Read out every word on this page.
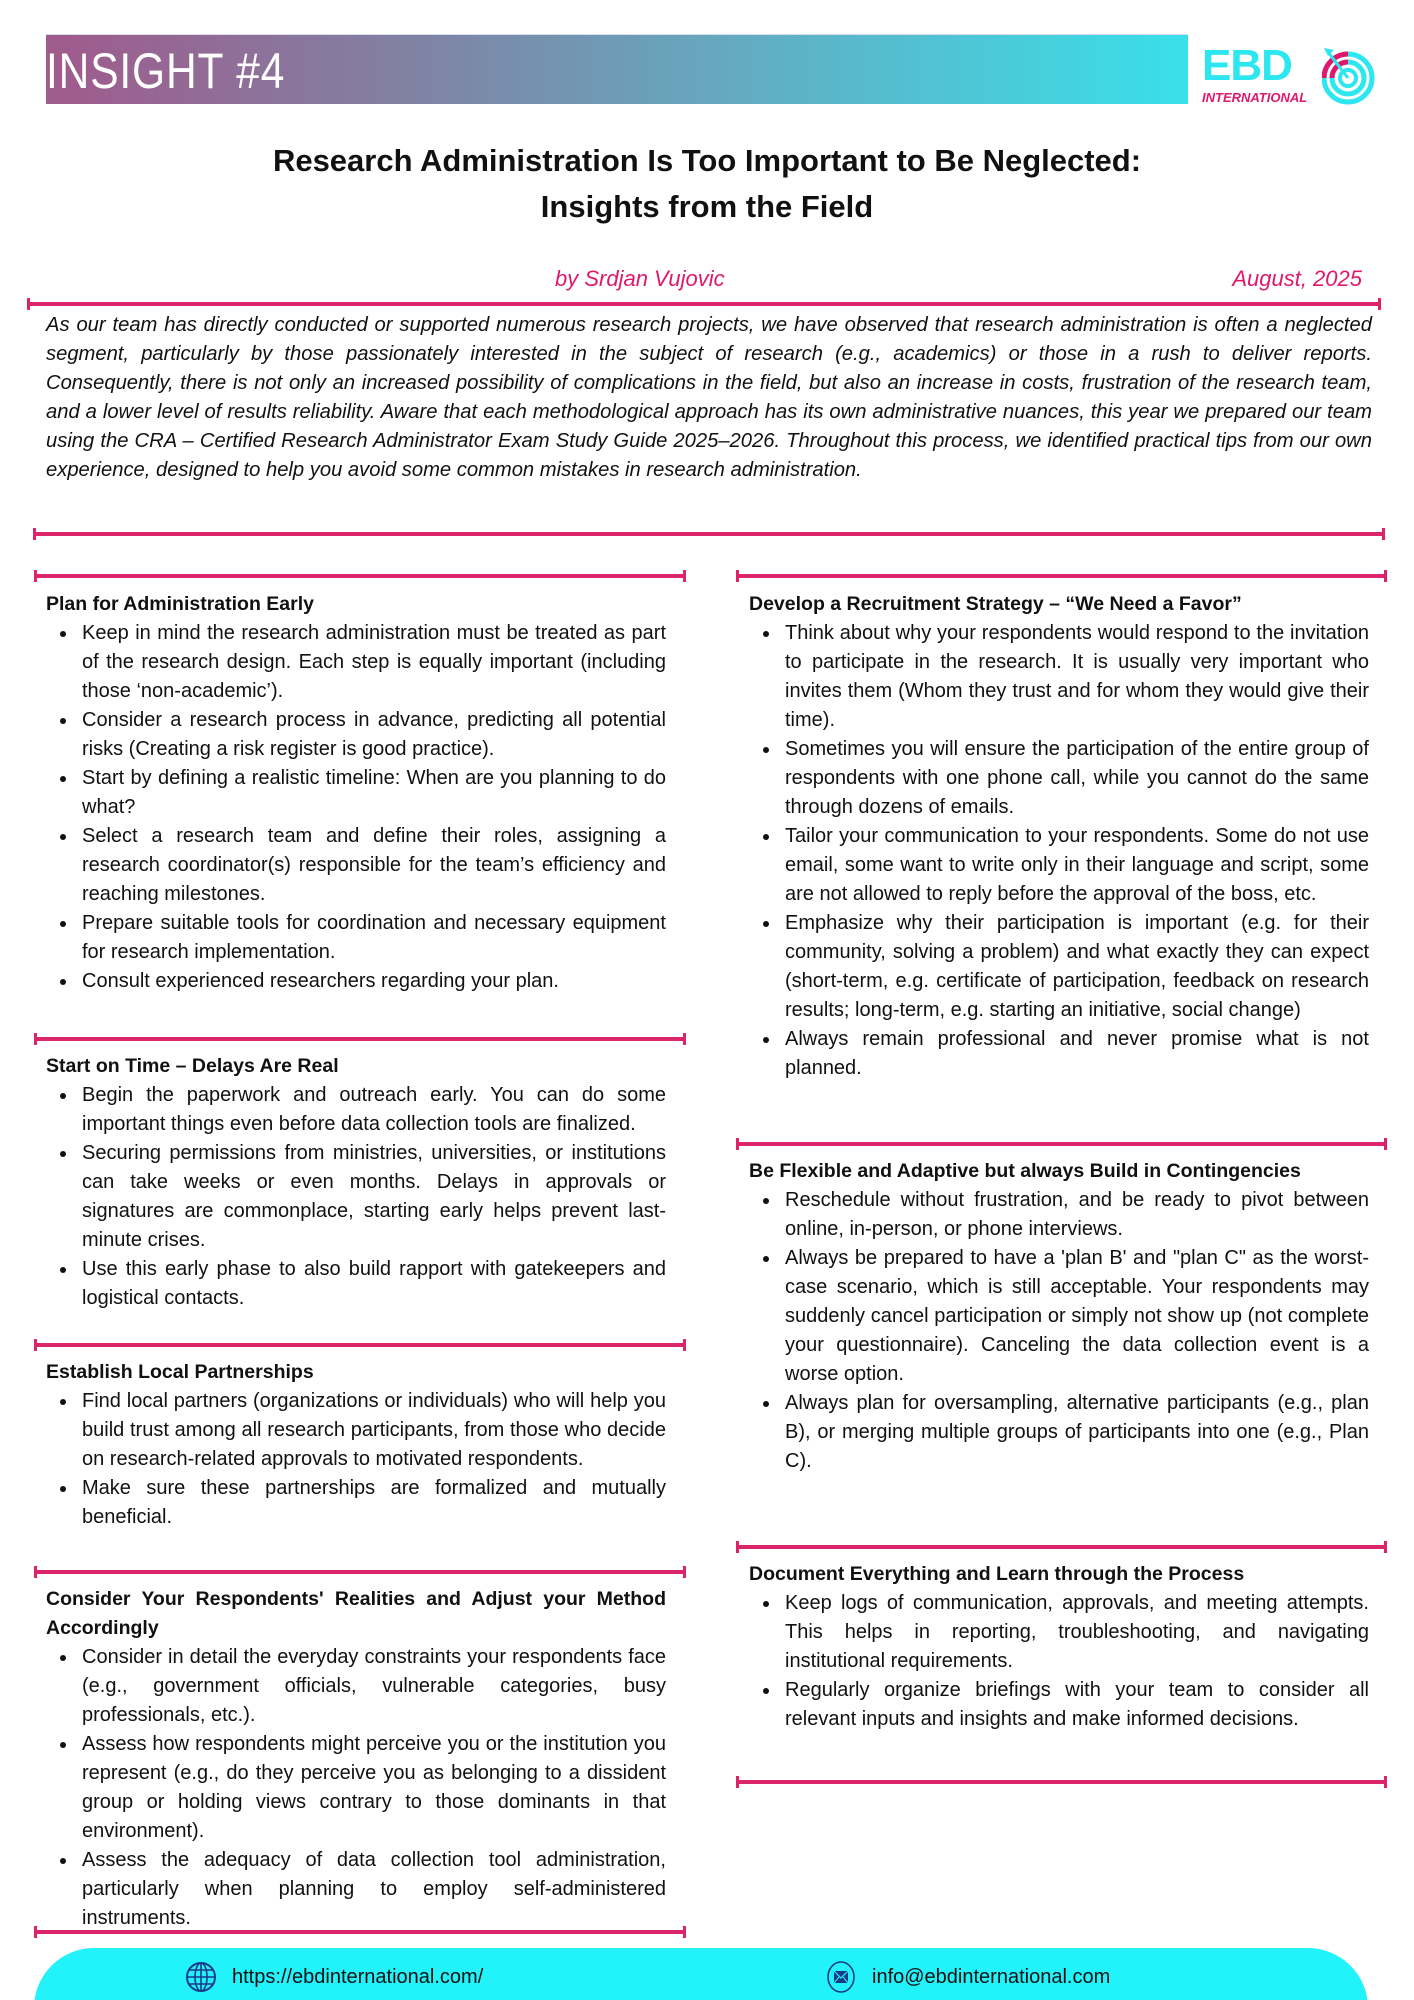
INSIGHT #4	EBD
INTERNATIONAL
Research Administration Is Too Important to Be Neglected:
Insights from the Field
by Srdjan Vujovic	August, 2025
As our team has directly conducted or supported numerous research projects, we have observed that research administration is often a neglected segment, particularly by those passionately interested in the subject of research (e.g., academics) or those in a rush to deliver reports. Consequently, there is not only an increased possibility of complications in the field, but also an increase in costs, frustration of the research team, and a lower level of results reliability. Aware that each methodological approach has its own administrative nuances, this year we prepared our team using the CRA – Certified Research Administrator Exam Study Guide 2025–2026. Throughout this process, we identified practical tips from our own experience, designed to help you avoid some common mistakes in research administration.
Plan for Administration Early
Keep in mind the research administration must be treated as part of the research design. Each step is equally important (including those ‘non-academic’).
Consider a research process in advance, predicting all potential risks (Creating a risk register is good practice).
Start by defining a realistic timeline: When are you planning to do what?
Select a research team and define their roles, assigning a research coordinator(s) responsible for the team’s efficiency and reaching milestones.
Prepare suitable tools for coordination and necessary equipment for research implementation.
Consult experienced researchers regarding your plan.
Start on Time – Delays Are Real
Begin the paperwork and outreach early. You can do some important things even before data collection tools are finalized.
Securing permissions from ministries, universities, or institutions can take weeks or even months. Delays in approvals or signatures are commonplace, starting early helps prevent last-minute crises.
Use this early phase to also build rapport with gatekeepers and logistical contacts.
Establish Local Partnerships
Find local partners (organizations or individuals) who will help you build trust among all research participants, from those who decide on research-related approvals to motivated respondents.
Make sure these partnerships are formalized and mutually beneficial.
Consider Your Respondents' Realities and Adjust your Method Accordingly
Consider in detail the everyday constraints your respondents face (e.g., government officials, vulnerable categories, busy professionals, etc.).
Assess how respondents might perceive you or the institution you represent (e.g., do they perceive you as belonging to a dissident group or holding views contrary to those dominants in that environment).
Assess the adequacy of data collection tool administration, particularly when planning to employ self-administered instruments.
Develop a Recruitment Strategy – “We Need a Favor”
Think about why your respondents would respond to the invitation to participate in the research. It is usually very important who invites them (Whom they trust and for whom they would give their time).
Sometimes you will ensure the participation of the entire group of respondents with one phone call, while you cannot do the same through dozens of emails.
Tailor your communication to your respondents. Some do not use email, some want to write only in their language and script, some are not allowed to reply before the approval of the boss, etc.
Emphasize why their participation is important (e.g. for their community, solving a problem) and what exactly they can expect (short-term, e.g. certificate of participation, feedback on research results; long-term, e.g. starting an initiative, social change)
Always remain professional and never promise what is not planned.
Be Flexible and Adaptive but always Build in Contingencies
Reschedule without frustration, and be ready to pivot between online, in-person, or phone interviews.
Always be prepared to have a 'plan B' and "plan C" as the worst-case scenario, which is still acceptable. Your respondents may suddenly cancel participation or simply not show up (not complete your questionnaire). Canceling the data collection event is a worse option.
Always plan for oversampling, alternative participants (e.g., plan B), or merging multiple groups of participants into one (e.g., Plan C).
Document Everything and Learn through the Process
Keep logs of communication, approvals, and meeting attempts. This helps in reporting, troubleshooting, and navigating institutional requirements.
Regularly organize briefings with your team to consider all relevant inputs and insights and make informed decisions.
https://ebdinternational.com/	info@ebdinternational.com
